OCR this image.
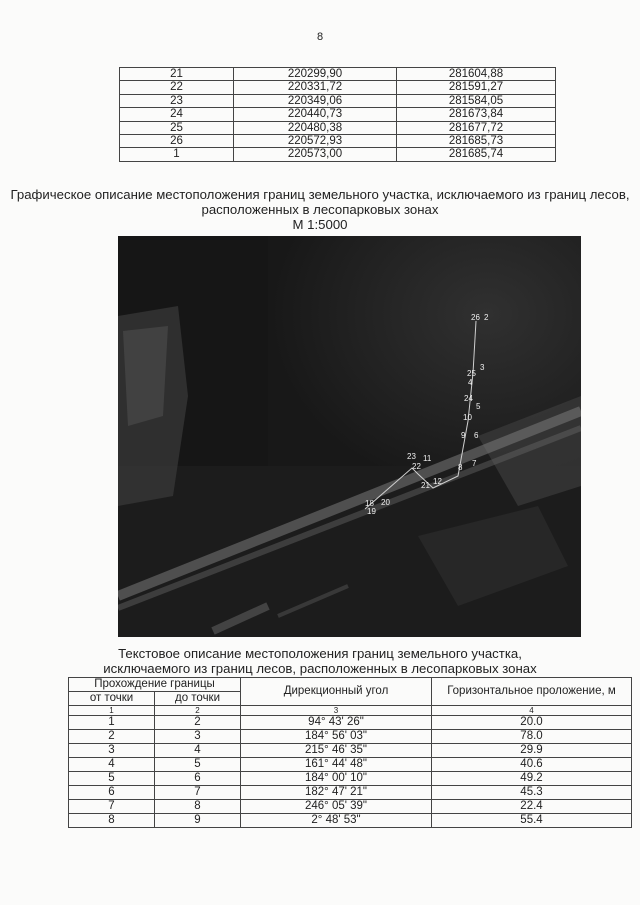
8
21	220299,90	281604,88
22	220331,72	281591,27
23	220349,06	281584,05
24	220440,73	281673,84
25	220480,38	281677,72
26	220572,93	281685,73
1	220573,00	281685,74
Графическое описание местоположения границ земельного участка, исключаемого из границ лесов,
расположенных в лесопарковых зонах
М 1:5000
26 2
3
25
4
24
5
10
9 6
23 11
22	7
8
12
21
18 20
19
Текстовое описание местоположения границ земельного участка,
исключаемого из границ лесов, расположенных в лесопарковых зонах
Прохождение границы		Дирекционный угол	Горизонтальное проложение, м
от точки	до точки		
1	2	3	4
1	2	94° 43' 26"	20.0
2	3	184° 56' 03"	78.0
3	4	215° 46' 35"	29.9
4	5	161° 44' 48"	40.6
5	6	184° 00' 10"	49.2
6	7	182° 47' 21"	45.3
7	8	246° 05' 39"	22.4
8	9	2° 48' 53"	55.4
